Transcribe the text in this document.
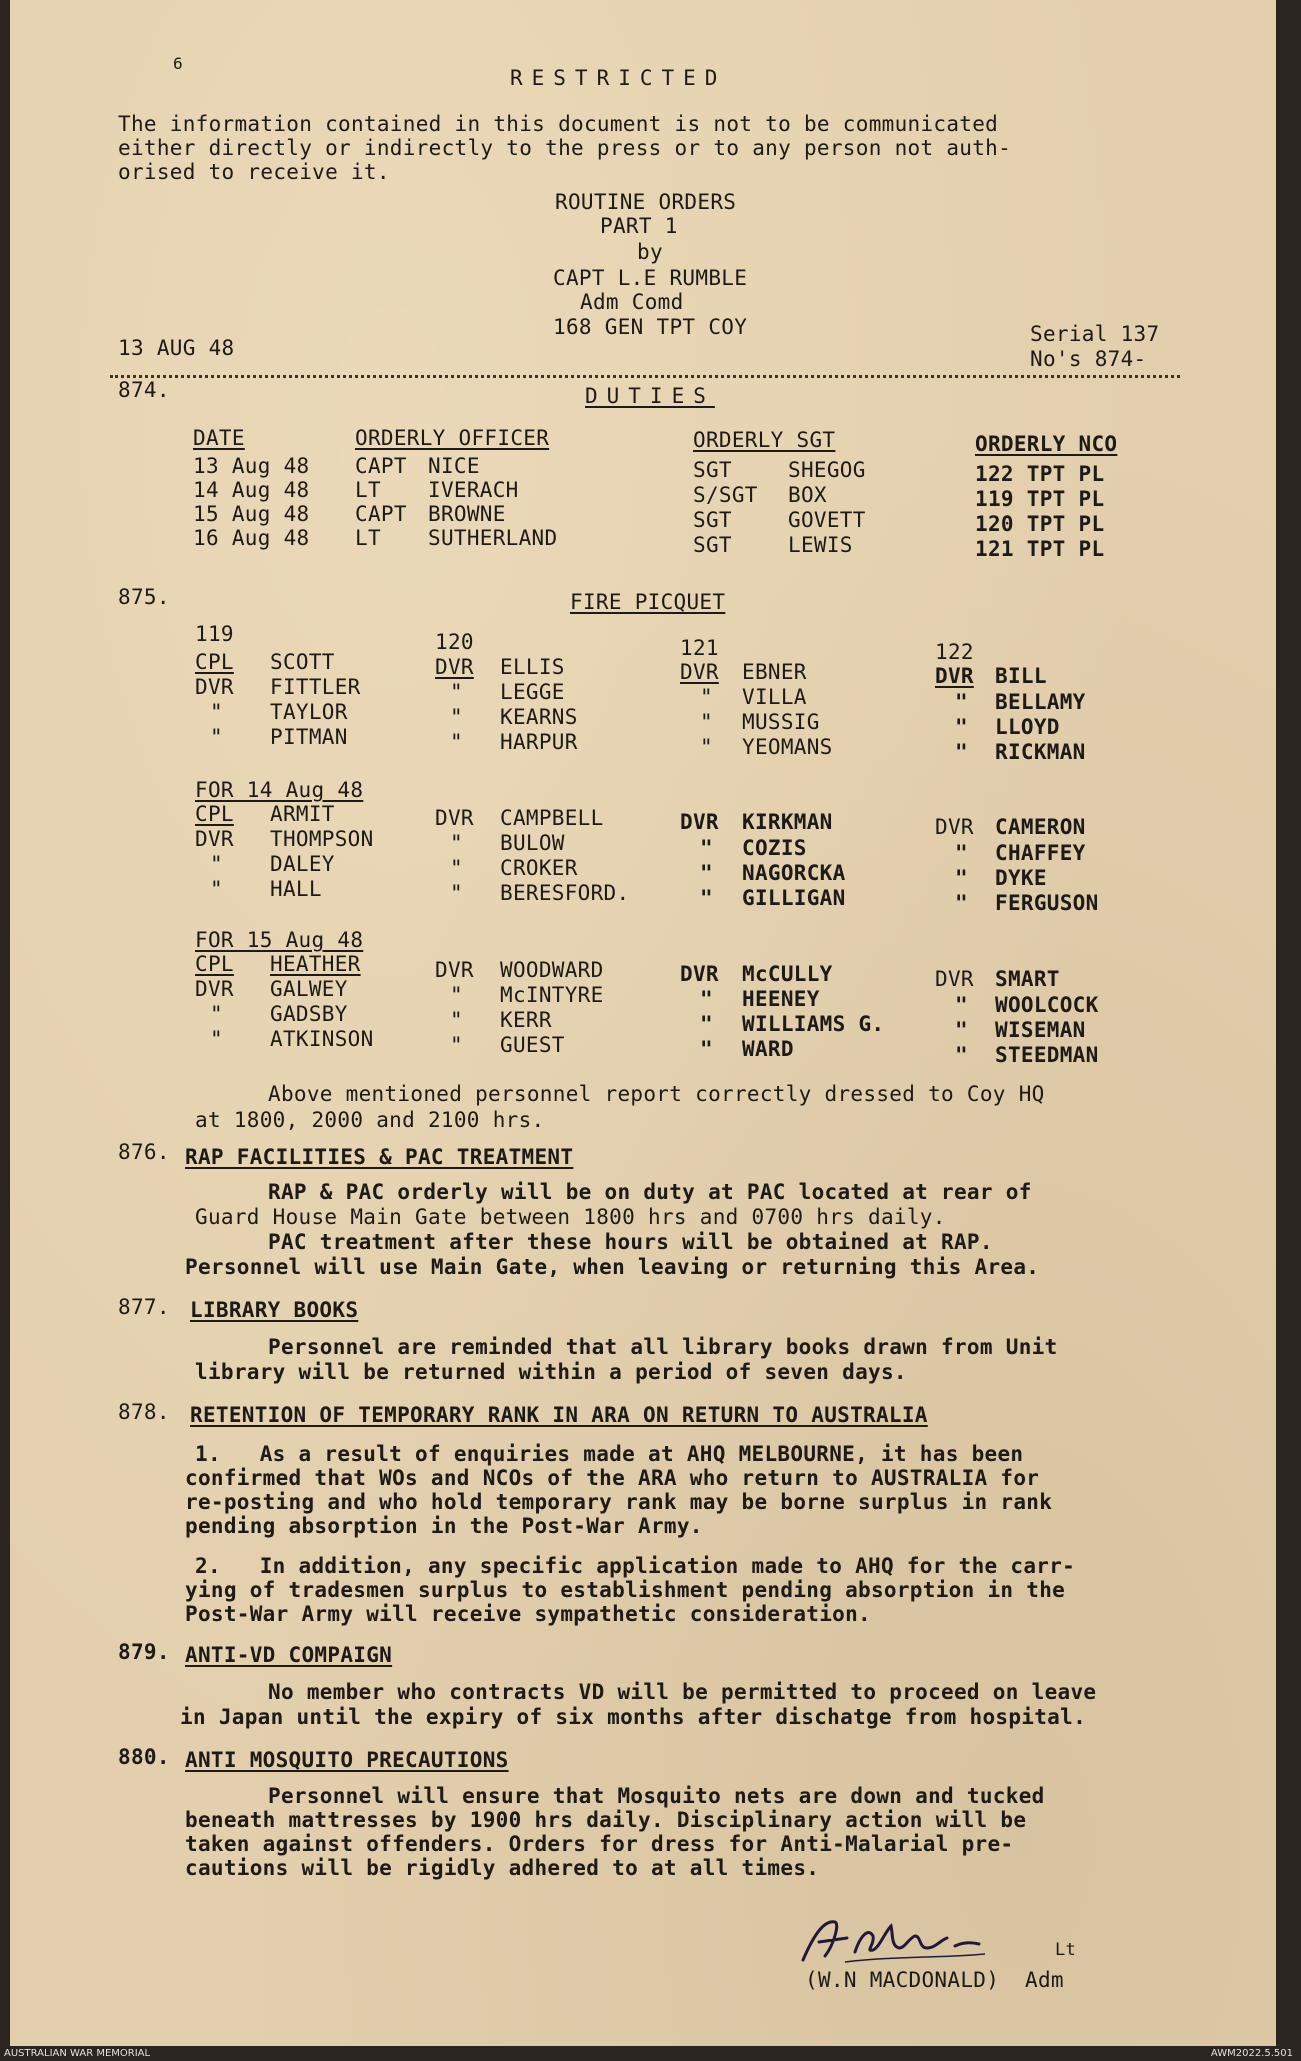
6
RESTRICTED
The information contained in this document is not to be communicated
either directly or indirectly to the press or to any person not auth-
orised to receive it.
ROUTINE ORDERS
PART 1
by
CAPT L.E RUMBLE
Adm Comd
168 GEN TPT COY
13 AUG 48
Serial 137
No's 874-
874.	DUTIES
DATE	ORDERLY OFFICER	ORDERLY SGT	ORDERLY NCO
13 Aug 48 CAPT NICE	SGT	SHEGOG	122 TPT PL
14 Aug 48 LT IVERACH	S/SGT BOX	119 TPT PL
15 Aug 48 CAPT BROWNE	SGT	GOVETT	120 TPT PL
16 Aug 48 LT SUTHERLAND	SGT	LEWIS	121 TPT PL
875.	FIRE PICQUET
119	120	121	122
CPL SCOTT	DVR ELLIS	DVR EBNER	DVR BILL
DVR FITTLER	" LEGGE	" VILLA	" BELLAMY
" TAYLOR	" KEARNS	" MUSSIG	" LLOYD
" PITMAN	" HARPUR	" YEOMANS	" RICKMAN
FOR 14 Aug 48
CPL ARMIT	DVR CAMPBELL	DVR KIRKMAN	DVR CAMERON
DVR THOMPSON	" BULOW	" COZIS	" CHAFFEY
" DALEY	" CROKER	" NAGORCKA	" DYKE
" HALL	" BERESFORD.	" GILLIGAN	" FERGUSON
FOR 15 Aug 48
CPL HEATHER	DVR WOODWARD	DVR McCULLY	DVR SMART
DVR GALWEY	" McINTYRE	" HEENEY	" WOOLCOCK
" GADSBY	" KERR	" WILLIAMS G.	" WISEMAN
" ATKINSON	" GUEST	" WARD	" STEEDMAN
Above mentioned personnel report correctly dressed to Coy HQ
at 1800, 2000 and 2100 hrs.
876. RAP FACILITIES & PAC TREATMENT
RAP & PAC orderly will be on duty at PAC located at rear of
Guard House Main Gate between 1800 hrs and 0700 hrs daily.
PAC treatment after these hours will be obtained at RAP.
Personnel will use Main Gate, when leaving or returning this Area.
877. LIBRARY BOOKS
Personnel are reminded that all library books drawn from Unit
library will be returned within a period of seven days.
878. RETENTION OF TEMPORARY RANK IN ARA ON RETURN TO AUSTRALIA
1.   As a result of enquiries made at AHQ MELBOURNE, it has been
confirmed that WOs and NCOs of the ARA who return to AUSTRALIA for
re-posting and who hold temporary rank may be borne surplus in rank
pending absorption in the Post-War Army.
2.   In addition, any specific application made to AHQ for the carr-
ying of tradesmen surplus to establishment pending absorption in the
Post-War Army will receive sympathetic consideration.
879. ANTI-VD COMPAIGN
No member who contracts VD will be permitted to proceed on leave
in Japan until the expiry of six months after dischatge from hospital.
880. ANTI MOSQUITO PRECAUTIONS
Personnel will ensure that Mosquito nets are down and tucked
beneath mattresses by 1900 hrs daily. Disciplinary action will be
taken against offenders. Orders for dress for Anti-Malarial pre-
cautions will be rigidly adhered to at all times.
Lt
(W.N MACDONALD)  Adm
AUSTRALIAN WAR MEMORIAL	AWM2022.5.501
